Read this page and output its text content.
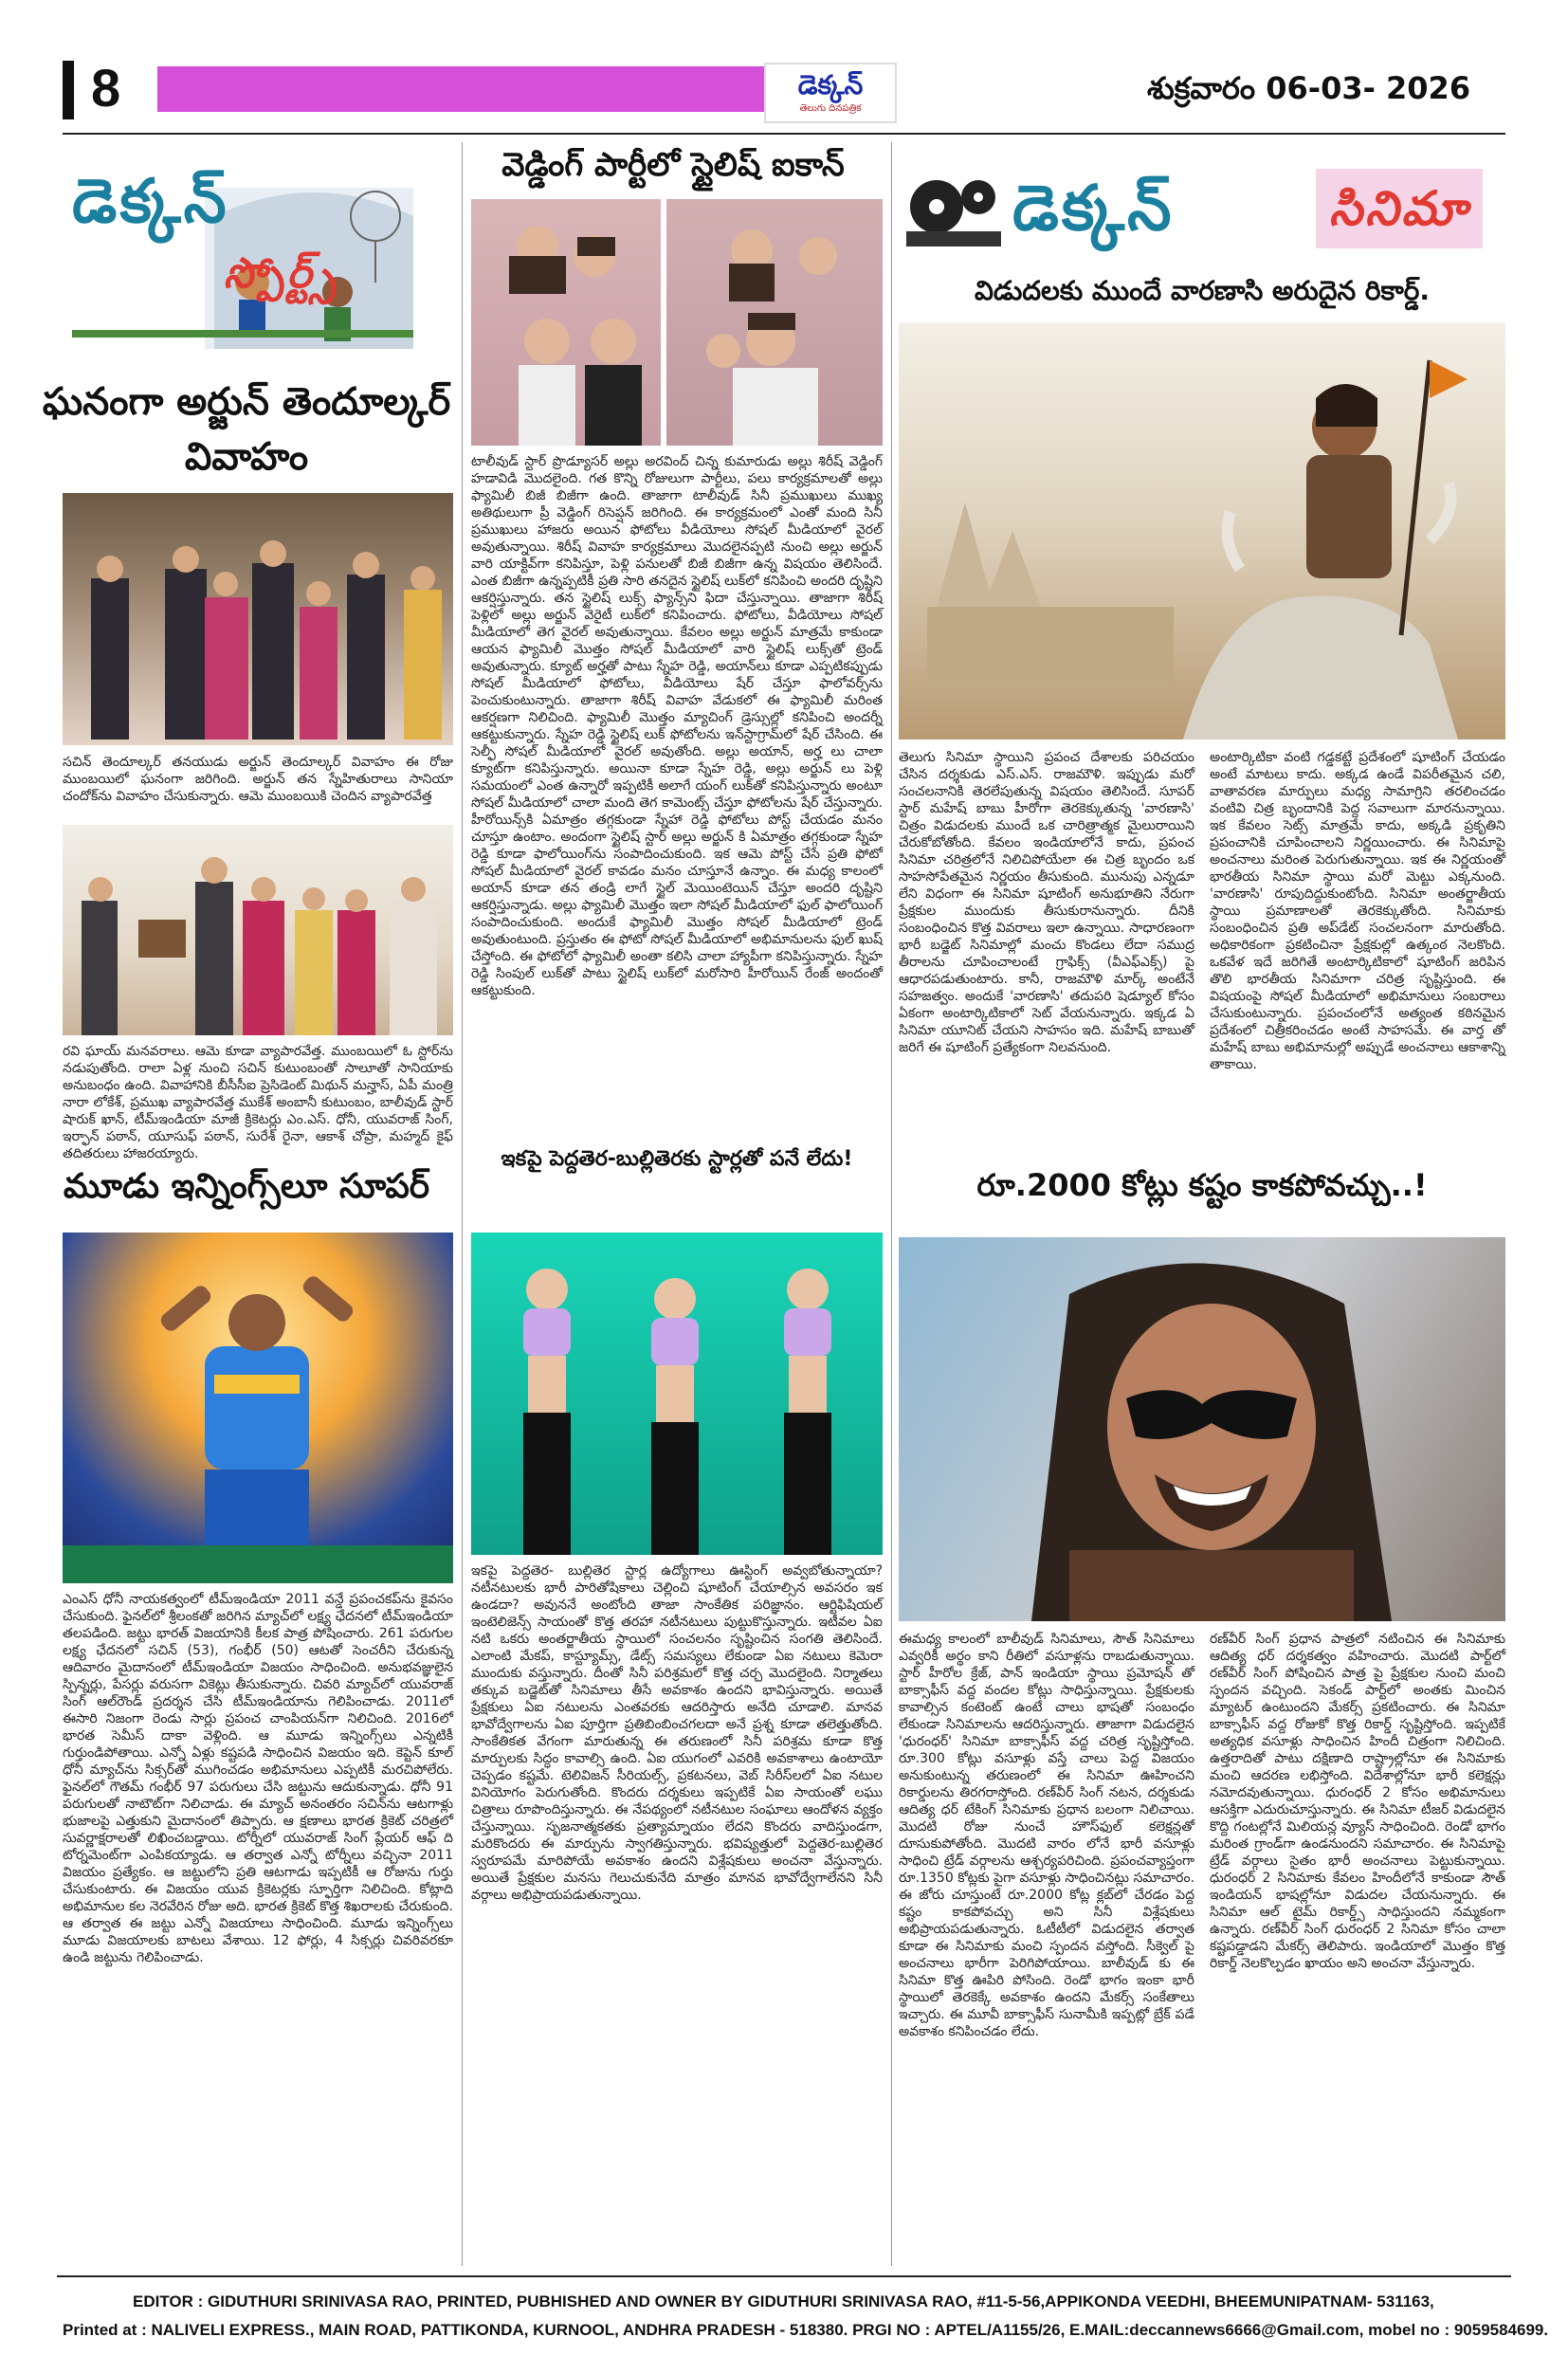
8	డెక్కన్
తెలుగు దినపత్రిక
శుక్రవారం 06-03- 2026
డెక్కన్
స్పోర్ట్స్
ఘనంగా అర్జున్ తెందూల్కర్
వివాహం
సచిన్ తెందూల్కర్ తనయుడు అర్జున్ తెందూల్కర్ వివాహం ఈ రోజు ముంబయిలో ఘనంగా జరిగింది. అర్జున్ తన స్నేహితురాలు సానియా చందోక్‌ను వివాహం చేసుకున్నారు. ఆమె ముంబయికి చెందిన వ్యాపారవేత్త
రవి ఘాయ్ మనవరాలు. ఆమె కూడా వ్యాపారవేత్త. ముంబయిలో ఓ స్టోర్‌ను నడుపుతోంది. రాలా ఏళ్ల నుంచి సచిన్ కుటుంబంతో సాలూతో సానియాకు అనుబంధం ఉంది. వివాహానికి బీసీసీఐ ప్రెసిడెంట్ మిథున్ మన్హాస్, ఏపీ మంత్రి నారా లోకేశ్, ప్రముఖ వ్యాపారవేత్త ముకేశ్ అంబానీ కుటుంబం, బాలీవుడ్ స్టార్ షారుక్ ఖాన్, టీమ్‌ఇండియా మాజీ క్రికెటర్లు ఎం.ఎస్. ధోనీ, యువరాజ్ సింగ్, ఇర్ఫాన్ పఠాన్, యూసుఫ్ పఠాన్, సురేశ్ రైనా, ఆకాశ్ చోప్రా, మహ్మద్ కైఫ్ తదితరులు హాజరయ్యారు.
మూడు ఇన్నింగ్స్‌లూ సూపర్
ఎంఎస్ ధోనీ నాయకత్వంలో టీమ్‌ఇండియా 2011 వన్డే ప్రపంచకప్‌ను కైవసం చేసుకుంది. ఫైనల్‌లో శ్రీలంకతో జరిగిన మ్యాచ్‌లో లక్ష్య ఛేదనలో టీమ్‌ఇండియా తలపడింది. జట్టు భారత్ విజయానికి కీలక పాత్ర పోషించారు. 261 పరుగుల లక్ష్య ఛేదనలో సచిన్ (53), గంభీర్ (50) ఆటతో సెంచరీని చేరుకున్న ఆదివారం మైదానంలో టీమ్‌ఇండియా విజయం సాధించింది. అనుభవజ్ఞులైన స్పిన్నర్లు, పేసర్లు వరుసగా వికెట్లు తీసుకున్నారు. చివరి మ్యాచ్‌లో యువరాజ్ సింగ్ ఆల్‌రౌండ్ ప్రదర్శన చేసి టీమ్‌ఇండియాను గెలిపించాడు. 2011లో ఈసారి నిజంగా రెండు సార్లు ప్రపంచ చాంపియన్‌గా నిలిచింది. 2016లో భారత సెమీస్ దాకా వెళ్లింది. ఆ మూడు ఇన్నింగ్స్‌లు ఎన్నటికీ గుర్తుండిపోతాయి. ఎన్నో ఏళ్లు కష్టపడి సాధించిన విజయం ఇది. కెప్టెన్ కూల్ ధోనీ మ్యాచ్‌ను సిక్సర్‌తో ముగించడం అభిమానులు ఎప్పటికీ మరచిపోలేరు. ఫైనల్‌లో గౌతమ్ గంభీర్ 97 పరుగులు చేసి జట్టును ఆదుకున్నాడు. ధోనీ 91 పరుగులతో నాటౌట్‌గా నిలిచాడు. ఈ మ్యాచ్ అనంతరం సచిన్‌ను ఆటగాళ్లు భుజాలపై ఎత్తుకుని మైదానంలో తిప్పారు. ఆ క్షణాలు భారత క్రికెట్ చరిత్రలో సువర్ణాక్షరాలతో లిఖించబడ్డాయి. టోర్నీలో యువరాజ్ సింగ్ ప్లేయర్ ఆఫ్ ది టోర్నమెంట్‌గా ఎంపికయ్యాడు. ఆ తర్వాత ఎన్నో టోర్నీలు వచ్చినా 2011 విజయం ప్రత్యేకం. ఆ జట్టులోని ప్రతి ఆటగాడు ఇప్పటికీ ఆ రోజును గుర్తు చేసుకుంటారు. ఈ విజయం యువ క్రికెటర్లకు స్ఫూర్తిగా నిలిచింది. కోట్లాది అభిమానుల కల నెరవేరిన రోజు అది. భారత క్రికెట్ కొత్త శిఖరాలకు చేరుకుంది. ఆ తర్వాత ఈ జట్టు ఎన్నో విజయాలు సాధించింది. మూడు ఇన్నింగ్స్‌లు మూడు విజయాలకు బాటలు వేశాయి. 12 ఫోర్లు, 4 సిక్సర్లు చివరివరకూ ఉండి జట్టును గెలిపించాడు.
వెడ్డింగ్ పార్టీలో స్టైలిష్ ఐకాన్
టాలీవుడ్ స్టార్ ప్రొడ్యూసర్ అల్లు అరవింద్ చిన్న కుమారుడు అల్లు శిరీష్ వెడ్డింగ్ హడావిడి మొదలైంది. గత కొన్ని రోజులుగా పార్టీలు, పలు కార్యక్రమాలతో అల్లు ఫ్యామిలీ బిజీ బిజీగా ఉంది. తాజాగా టాలీవుడ్ సినీ ప్రముఖులు ముఖ్య అతిథులుగా ప్రీ వెడ్డింగ్ రిసెప్షన్ జరిగింది. ఈ కార్యక్రమంలో ఎంతో మంది సినీ ప్రముఖులు హాజరు అయిన ఫోటోలు వీడియోలు సోషల్ మీడియాలో వైరల్ అవుతున్నాయి. శిరీష్ వివాహ కార్యక్రమాలు మొదలైనప్పటి నుంచి అల్లు అర్జున్ వారి యాక్టివ్‌గా కనిపిస్తూ, పెళ్లి పనులతో బిజీ బిజీగా ఉన్న విషయం తెలిసిందే. ఎంత బిజీగా ఉన్నప్పటికీ ప్రతి సారి తనదైన స్టైలిష్ లుక్‌లో కనిపించి అందరి దృష్టిని ఆకర్షిస్తున్నారు. తన స్టైలిష్ లుక్స్ ఫ్యాన్స్‌ని ఫిదా చేస్తున్నాయి. తాజాగా శిరీష్ పెళ్లిలో అల్లు అర్జున్ వెరైటీ లుక్‌లో కనిపించారు. ఫోటోలు, వీడియోలు సోషల్ మీడియాలో తెగ వైరల్ అవుతున్నాయి. కేవలం అల్లు అర్జున్ మాత్రమే కాకుండా ఆయన ఫ్యామిలీ మొత్తం సోషల్ మీడియాలో వారి స్టైలిష్ లుక్స్‌తో ట్రెండ్ అవుతున్నారు. క్యూట్ అర్హతో పాటు స్నేహ రెడ్డి, అయాన్‌లు కూడా ఎప్పటికప్పుడు సోషల్ మీడియాలో ఫోటోలు, వీడియోలు షేర్ చేస్తూ ఫాలోవర్స్‌ను పెంచుకుంటున్నారు. తాజాగా శిరీష్ వివాహ వేడుకలో ఈ ఫ్యామిలీ మరింత ఆకర్షణగా నిలిచింది. ఫ్యామిలీ మొత్తం మ్యాచింగ్ డ్రెస్సుల్లో కనిపించి అందర్నీ ఆకట్టుకున్నారు. స్నేహ రెడ్డి స్టైలిష్ లుక్ ఫోటోలను ఇన్‌స్టాగ్రామ్‌లో షేర్ చేసింది. ఈ సెల్ఫీ సోషల్ మీడియాలో వైరల్ అవుతోంది. అల్లు అయాన్, అర్హ లు చాలా క్యూట్‌గా కనిపిస్తున్నారు. అయినా కూడా స్నేహ రెడ్డి, అల్లు అర్జున్ లు పెళ్లి సమయంలో ఎంత ఉన్నారో ఇప్పటికీ అలాగే యంగ్ లుక్‌తో కనిపిస్తున్నారు అంటూ సోషల్ మీడియాలో చాలా మంది తెగ కామెంట్స్ చేస్తూ ఫోటోలను షేర్ చేస్తున్నారు. హీరోయిన్స్‌కి ఏమాత్రం తగ్గకుండా స్నేహా రెడ్డి ఫోటోలు పోస్ట్ చేయడం మనం చూస్తూ ఉంటాం. అందంగా స్టైలిష్ స్టార్ అల్లు అర్జున్ కి ఏమాత్రం తగ్గకుండా స్నేహ రెడ్డి కూడా ఫాలోయింగ్‌ను సంపాదించుకుంది. ఇక ఆమె పోస్ట్ చేసే ప్రతి ఫోటో సోషల్ మీడియాలో వైరల్ కావడం మనం చూస్తూనే ఉన్నాం. ఈ మధ్య కాలంలో అయాన్ కూడా తన తండ్రి లాగే స్టైల్ మెయింటెయిన్ చేస్తూ అందరి దృష్టిని ఆకర్షిస్తున్నాడు. అల్లు ఫ్యామిలీ మొత్తం ఇలా సోషల్ మీడియాలో ఫుల్ ఫాలోయింగ్ సంపాదించుకుంది. అందుకే ఫ్యామిలీ మొత్తం సోషల్ మీడియాలో ట్రెండ్ అవుతుంటుంది. ప్రస్తుతం ఈ ఫోటో సోషల్ మీడియాలో అభిమానులను ఫుల్ ఖుష్ చేస్తోంది. ఈ ఫోటోలో ఫ్యామిలీ అంతా కలిసి చాలా హ్యాపీగా కనిపిస్తున్నారు. స్నేహ రెడ్డి సింపుల్ లుక్‌తో పాటు స్టైలిష్ లుక్‌లో మరోసారి హీరోయిన్ రేంజ్ అందంతో ఆకట్టుకుంది.
ఇకపై పెద్దతెర-బుల్లితెరకు స్టార్లతో పనే లేదు!
ఇకపై పెద్దతెర- బుల్లితెర స్టార్ల ఉద్యోగాలు ఊస్టింగ్ అవ్వబోతున్నాయా? నటీనటులకు భారీ పారితోషికాలు చెల్లించి షూటింగ్ చేయాల్సిన అవసరం ఇక ఉండదా? అవుననే అంటోంది తాజా సాంకేతిక పరిజ్ఞానం. ఆర్టిఫిషియల్ ఇంటెలిజెన్స్ సాయంతో కొత్త తరహా నటీనటులు పుట్టుకొస్తున్నారు. ఇటీవల ఏఐ నటి ఒకరు అంతర్జాతీయ స్థాయిలో సంచలనం సృష్టించిన సంగతి తెలిసిందే. ఎలాంటి మేకప్, కాస్ట్యూమ్స్, డేట్స్ సమస్యలు లేకుండా ఏఐ నటులు కెమెరా ముందుకు వస్తున్నారు. దీంతో సినీ పరిశ్రమలో కొత్త చర్చ మొదలైంది. నిర్మాతలు తక్కువ బడ్జెట్‌తో సినిమాలు తీసే అవకాశం ఉందని భావిస్తున్నారు. అయితే ప్రేక్షకులు ఏఐ నటులను ఎంతవరకు ఆదరిస్తారు అనేది చూడాలి. మానవ భావోద్వేగాలను ఏఐ పూర్తిగా ప్రతిబింబించగలదా అనే ప్రశ్న కూడా తలెత్తుతోంది. సాంకేతికత వేగంగా మారుతున్న ఈ తరుణంలో సినీ పరిశ్రమ కూడా కొత్త మార్పులకు సిద్ధం కావాల్సి ఉంది. ఏఐ యుగంలో ఎవరికి అవకాశాలు ఉంటాయో చెప్పడం కష్టమే. టెలివిజన్ సీరియల్స్, ప్రకటనలు, వెబ్ సిరీస్‌లలో ఏఐ నటుల వినియోగం పెరుగుతోంది. కొందరు దర్శకులు ఇప్పటికే ఏఐ సాయంతో లఘు చిత్రాలు రూపొందిస్తున్నారు. ఈ నేపథ్యంలో నటీనటుల సంఘాలు ఆందోళన వ్యక్తం చేస్తున్నాయి. సృజనాత్మకతకు ప్రత్యామ్నాయం లేదని కొందరు వాదిస్తుండగా, మరికొందరు ఈ మార్పును స్వాగతిస్తున్నారు. భవిష్యత్తులో పెద్దతెర-బుల్లితెర స్వరూపమే మారిపోయే అవకాశం ఉందని విశ్లేషకులు అంచనా వేస్తున్నారు. అయితే ప్రేక్షకుల మనసు గెలుచుకునేది మాత్రం మానవ భావోద్వేగాలేనని సినీ వర్గాలు అభిప్రాయపడుతున్నాయి.
డెక్కన్	సినిమా
విడుదలకు ముందే వారణాసి అరుదైన రికార్డ్.
తెలుగు సినిమా స్థాయిని ప్రపంచ దేశాలకు పరిచయం చేసిన దర్శకుడు ఎస్.ఎస్. రాజమౌళి. ఇప్పుడు మరో సంచలనానికి తెరలేపుతున్న విషయం తెలిసిందే. సూపర్ స్టార్ మహేష్ బాబు హీరోగా తెరకెక్కుతున్న 'వారణాసి' చిత్రం విడుదలకు ముందే ఒక చారిత్రాత్మక మైలురాయిని చేరుకోబోతోంది. కేవలం ఇండియాలోనే కాదు, ప్రపంచ సినిమా చరిత్రలోనే నిలిచిపోయేలా ఈ చిత్ర బృందం ఒక సాహసోపేతమైన నిర్ణయం తీసుకుంది. మునుపు ఎన్నడూ లేని విధంగా ఈ సినిమా షూటింగ్ అనుభూతిని నేరుగా ప్రేక్షకుల ముందుకు తీసుకురానున్నారు. దీనికి సంబంధించిన కొత్త వివరాలు ఇలా ఉన్నాయి. సాధారణంగా భారీ బడ్జెట్ సినిమాల్లో మంచు కొండలు లేదా సముద్ర తీరాలను చూపించాలంటే గ్రాఫిక్స్ (వీఎఫ్ఎక్స్) పై ఆధారపడుతుంటారు. కానీ, రాజమౌళి మార్క్ అంటేనే సహజత్వం. అందుకే 'వారణాసి' తదుపరి షెడ్యూల్ కోసం ఏకంగా అంటార్కిటికాలో సెట్ వేయనున్నారు. ఇక్కడ ఏ సినిమా యూనిట్ చేయని సాహసం ఇది. మహేష్ బాబుతో జరిగే ఈ షూటింగ్ ప్రత్యేకంగా నిలవనుంది.
అంటార్కిటికా వంటి గడ్డకట్టే ప్రదేశంలో షూటింగ్ చేయడం అంటే మాటలు కాదు. అక్కడ ఉండే విపరీతమైన చలి, వాతావరణ మార్పులు మధ్య సామాగ్రిని తరలించడం వంటివి చిత్ర బృందానికి పెద్ద సవాలుగా మారనున్నాయి. ఇక కేవలం సెట్స్ మాత్రమే కాదు, అక్కడి ప్రకృతిని ప్రపంచానికి చూపించాలని నిర్ణయించారు. ఈ సినిమాపై అంచనాలు మరింత పెరుగుతున్నాయి. ఇక ఈ నిర్ణయంతో భారతీయ సినిమా స్థాయి మరో మెట్టు ఎక్కనుంది. 'వారణాసి' రూపుదిద్దుకుంటోంది. సినిమా అంతర్జాతీయ స్థాయి ప్రమాణాలతో తెరకెక్కుతోంది. సినిమాకు సంబంధించిన ప్రతి అప్‌డేట్ సంచలనంగా మారుతోంది. అధికారికంగా ప్రకటించినా ప్రేక్షకుల్లో ఉత్కంఠ నెలకొంది. ఒకవేళ ఇదే జరిగితే అంటార్కిటికాలో షూటింగ్ జరిపిన తొలి భారతీయ సినిమాగా చరిత్ర సృష్టిస్తుంది. ఈ విషయంపై సోషల్ మీడియాలో అభిమానులు సంబరాలు చేసుకుంటున్నారు. ప్రపంచంలోనే అత్యంత కఠినమైన ప్రదేశంలో చిత్రీకరించడం అంటే సాహసమే. ఈ వార్త తో మహేష్ బాబు అభిమానుల్లో అప్పుడే అంచనాలు ఆకాశాన్ని తాకాయి.
రూ.2000 కోట్లు కష్టం కాకపోవచ్చు..!
ఈమధ్య కాలంలో బాలీవుడ్ సినిమాలు, సౌత్ సినిమాలు ఎవ్వరికీ అర్థం కాని రీతిలో వసూళ్లను రాబడుతున్నాయి. స్టార్ హీరోల క్రేజ్, పాన్ ఇండియా స్థాయి ప్రమోషన్ తో బాక్సాఫీస్ వద్ద వందల కోట్లు సాధిస్తున్నాయి. ప్రేక్షకులకు కావాల్సిన కంటెంట్ ఉంటే చాలు భాషతో సంబంధం లేకుండా సినిమాలను ఆదరిస్తున్నారు. తాజాగా విడుదలైన 'ధురంధర్' సినిమా బాక్సాఫీస్ వద్ద చరిత్ర సృష్టిస్తోంది. రూ.300 కోట్లు వసూళ్లు వస్తే చాలు పెద్ద విజయం అనుకుంటున్న తరుణంలో ఈ సినిమా ఊహించని రికార్డులను తిరగరాస్తోంది. రణ్‌వీర్ సింగ్ నటన, దర్శకుడు ఆదిత్య ధర్ టేకింగ్ సినిమాకు ప్రధాన బలంగా నిలిచాయి. మొదటి రోజు నుంచే హౌస్‌ఫుల్ కలెక్షన్లతో దూసుకుపోతోంది. మొదటి వారం లోనే భారీ వసూళ్లు సాధించి ట్రేడ్ వర్గాలను ఆశ్చర్యపరిచింది. ప్రపంచవ్యాప్తంగా రూ.1350 కోట్లకు పైగా వసూళ్లు సాధించినట్లు సమాచారం. ఈ జోరు చూస్తుంటే రూ.2000 కోట్ల క్లబ్‌లో చేరడం పెద్ద కష్టం కాకపోవచ్చు అని సినీ విశ్లేషకులు అభిప్రాయపడుతున్నారు. ఓటీటీలో విడుదలైన తర్వాత కూడా ఈ సినిమాకు మంచి స్పందన వస్తోంది. సీక్వెల్ పై అంచనాలు భారీగా పెరిగిపోయాయి. బాలీవుడ్ కు ఈ సినిమా కొత్త ఊపిరి పోసింది. రెండో భాగం ఇంకా భారీ స్థాయిలో తెరకెక్కే అవకాశం ఉందని మేకర్స్ సంకేతాలు ఇచ్చారు. ఈ మూవీ బాక్సాఫీస్ సునామీకి ఇప్పట్లో బ్రేక్ పడే అవకాశం కనిపించడం లేదు.
రణ్‌వీర్ సింగ్ ప్రధాన పాత్రలో నటించిన ఈ సినిమాకు ఆదిత్య ధర్ దర్శకత్వం వహించారు. మొదటి పార్ట్‌లో రణ్‌వీర్ సింగ్ పోషించిన పాత్ర పై ప్రేక్షకుల నుంచి మంచి స్పందన వచ్చింది. సెకండ్ పార్ట్‌లో అంతకు మించిన మ్యాటర్ ఉంటుందని మేకర్స్ ప్రకటించారు. ఈ సినిమా బాక్సాఫీస్ వద్ద రోజుకో కొత్త రికార్డ్ సృష్టిస్తోంది. ఇప్పటికే అత్యధిక వసూళ్లు సాధించిన హిందీ చిత్రంగా నిలిచింది. ఉత్తరాదితో పాటు దక్షిణాది రాష్ట్రాల్లోనూ ఈ సినిమాకు మంచి ఆదరణ లభిస్తోంది. విదేశాల్లోనూ భారీ కలెక్షన్లు నమోదవుతున్నాయి. ధురంధర్ 2 కోసం అభిమానులు ఆసక్తిగా ఎదురుచూస్తున్నారు. ఈ సినిమా టీజర్ విడుదలైన కొద్ది గంటల్లోనే మిలియన్ల వ్యూస్ సాధించింది. రెండో భాగం మరింత గ్రాండ్‌గా ఉండనుందని సమాచారం. ఈ సినిమాపై ట్రేడ్ వర్గాలు సైతం భారీ అంచనాలు పెట్టుకున్నాయి. ధురంధర్ 2 సినిమాకు కేవలం హిందీలోనే కాకుండా సౌత్ ఇండియన్ భాషల్లోనూ విడుదల చేయనున్నారు. ఈ సినిమా ఆల్ టైమ్ రికార్డ్స్ సాధిస్తుందని నమ్మకంగా ఉన్నారు. రణ్‌వీర్ సింగ్ ధురంధర్ 2 సినిమా కోసం చాలా కష్టపడ్డాడని మేకర్స్ తెలిపారు. ఇండియాలో మొత్తం కొత్త రికార్డ్ నెలకొల్పడం ఖాయం అని అంచనా వేస్తున్నారు.
EDITOR : GIDUTHURI SRINIVASA RAO, PRINTED, PUBHISHED AND OWNER BY GIDUTHURI SRINIVASA RAO, #11-5-56,APPIKONDA VEEDHI, BHEEMUNIPATNAM- 531163,
Printed at : NALIVELI EXPRESS., MAIN ROAD, PATTIKONDA, KURNOOL, ANDHRA PRADESH - 518380. PRGI NO : APTEL/A1155/26, E.MAIL:deccannews6666@Gmail.com, mobel no : 9059584699.
